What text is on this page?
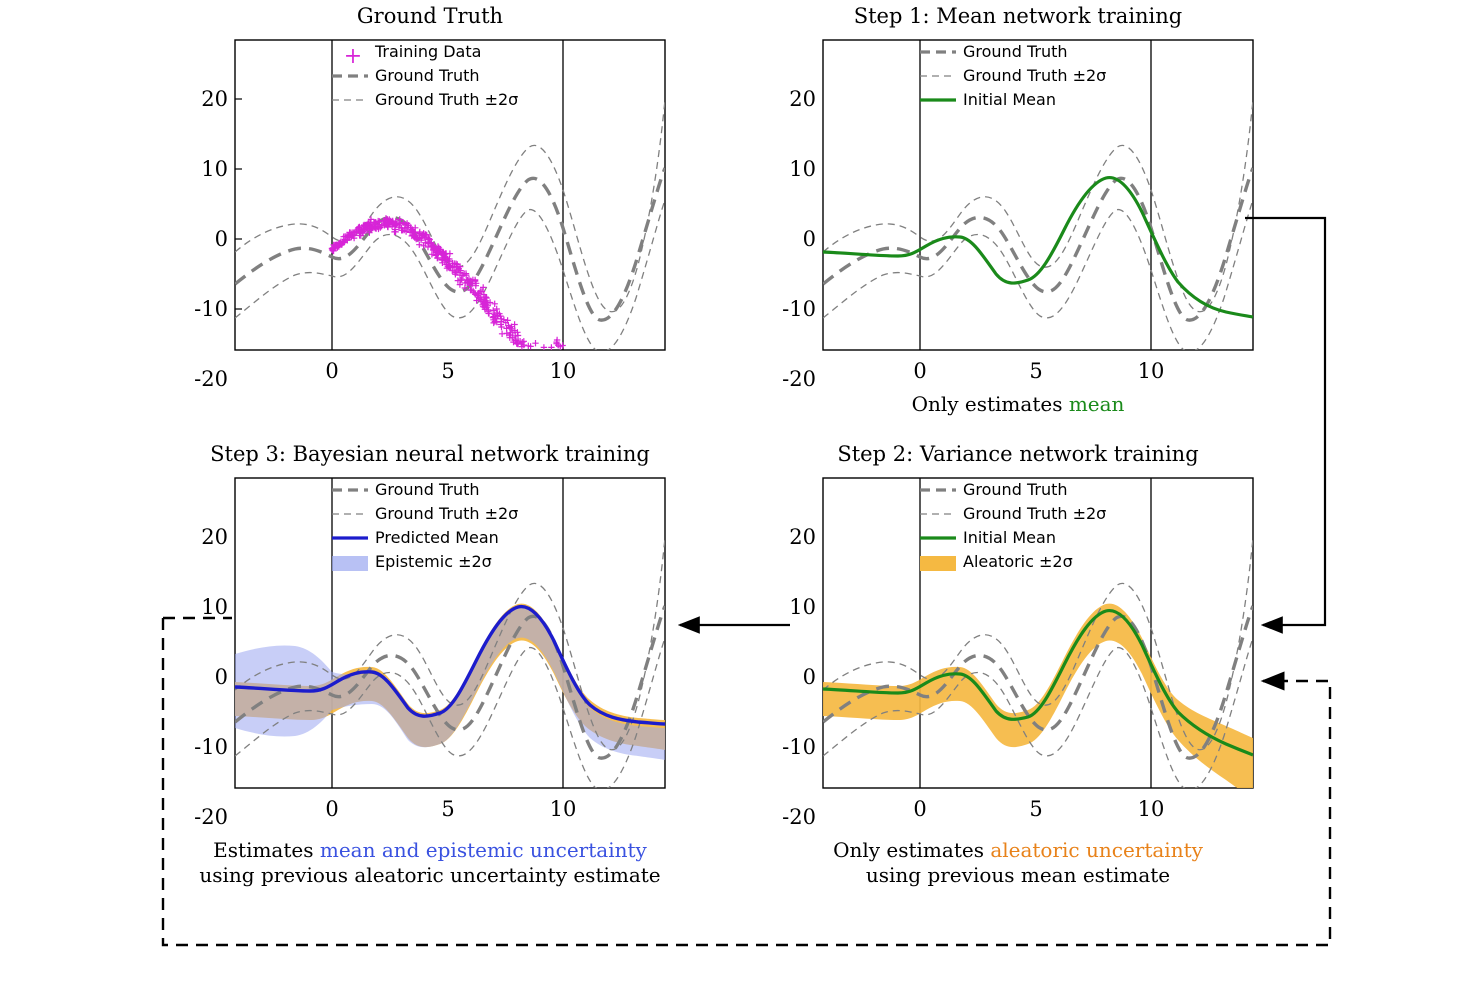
Ground Truth
20
10
0
-10
-20	0	5	10
Training Data
Ground Truth
Ground Truth ±2σ
+
Step 1: Mean network training
20
10
0
-10
-20	0	5	10
Ground Truth
Ground Truth ±2σ
Initial Mean
Only estimates mean
Step 3: Bayesian neural network training
20
10
0
-10
-20	0	5	10
Ground Truth
Ground Truth ±2σ
Predicted Mean
Epistemic ±2σ
Estimates mean and epistemic uncertainty
using previous aleatoric uncertainty estimate
Step 2: Variance network training
20
10
0
-10
-20	0	5	10
Ground Truth
Ground Truth ±2σ
Initial Mean
Aleatoric ±2σ
Only estimates aleatoric uncertainty
using previous mean estimate
